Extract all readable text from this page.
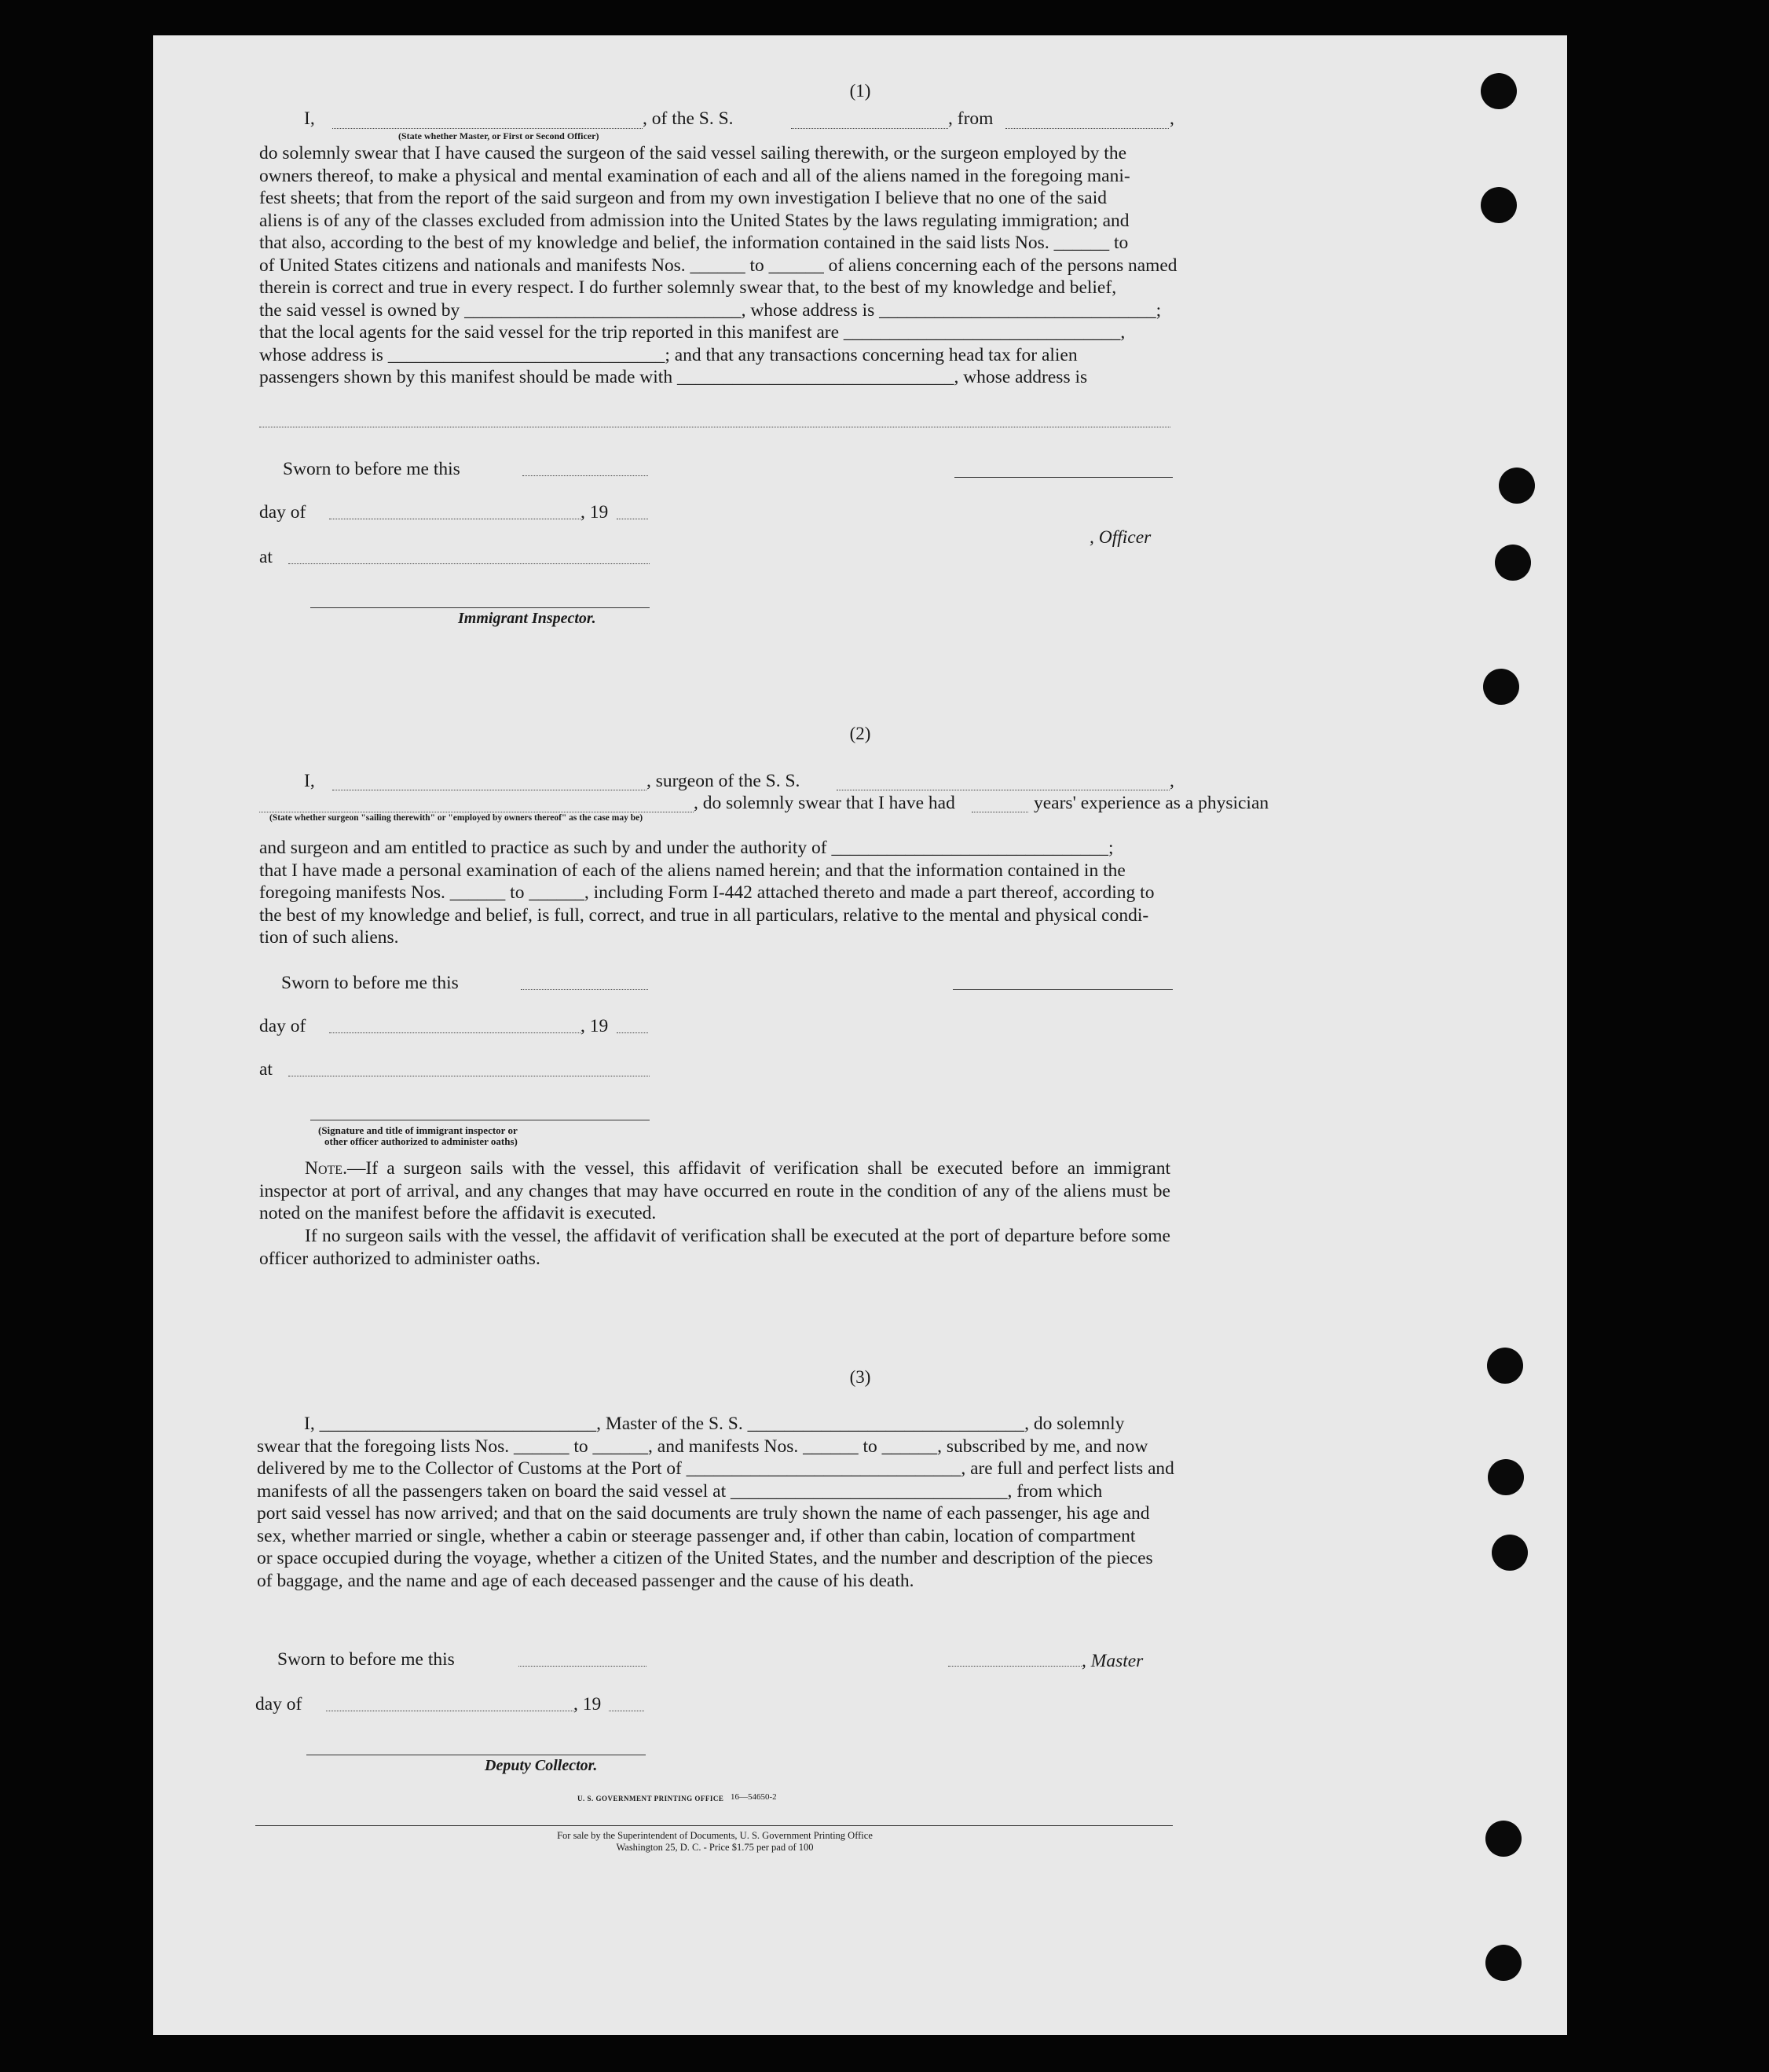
(1)
I,	, of the S. S.	, from	,
(State whether Master, or First or Second Officer)
do solemnly swear that I have caused the surgeon of the said vessel sailing therewith, or the surgeon employed by the
owners thereof, to make a physical and mental examination of each and all of the aliens named in the foregoing mani-
fest sheets; that from the report of the said surgeon and from my own investigation I believe that no one of the said
aliens is of any of the classes excluded from admission into the United States by the laws regulating immigration; and
that also, according to the best of my knowledge and belief, the information contained in the said lists Nos. ______ to
of United States citizens and nationals and manifests Nos. ______ to ______ of aliens concerning each of the persons named
therein is correct and true in every respect. I do further solemnly swear that, to the best of my knowledge and belief,
the said vessel is owned by ______________________________, whose address is ______________________________;
that the local agents for the said vessel for the trip reported in this manifest are ______________________________,
whose address is ______________________________; and that any transactions concerning head tax for alien
passengers shown by this manifest should be made with ______________________________, whose address is
Sworn to before me this
day of	, 19
, Officer
at
Immigrant Inspector.
(2)
I,	, surgeon of the S. S.	,
, do solemnly swear that I have had	years' experience as a physician
(State whether surgeon "sailing therewith" or "employed by owners thereof" as the case may be)
and surgeon and am entitled to practice as such by and under the authority of ______________________________;
that I have made a personal examination of each of the aliens named herein; and that the information contained in the
foregoing manifests Nos. ______ to ______, including Form I-442 attached thereto and made a part thereof, according to
the best of my knowledge and belief, is full, correct, and true in all particulars, relative to the mental and physical condi-
tion of such aliens.
Sworn to before me this
day of	, 19
at
(Signature and title of immigrant inspector or
other officer authorized to administer oaths)
Note.—If a surgeon sails with the vessel, this affidavit of verification shall be executed before an immigrant inspector at port of arrival, and any changes that may have occurred en route in the condition of any of the aliens must be noted on the manifest before the affidavit is executed.
If no surgeon sails with the vessel, the affidavit of verification shall be executed at the port of departure before some officer authorized to administer oaths.
(3)
I, ______________________________, Master of the S. S. ______________________________, do solemnly
swear that the foregoing lists Nos. ______ to ______, and manifests Nos. ______ to ______, subscribed by me, and now
delivered by me to the Collector of Customs at the Port of ______________________________, are full and perfect lists and
manifests of all the passengers taken on board the said vessel at ______________________________, from which
port said vessel has now arrived; and that on the said documents are truly shown the name of each passenger, his age and
sex, whether married or single, whether a cabin or steerage passenger and, if other than cabin, location of compartment
or space occupied during the voyage, whether a citizen of the United States, and the number and description of the pieces
of baggage, and the name and age of each deceased passenger and the cause of his death.
Sworn to before me this	, Master
day of	, 19
Deputy Collector.
U. S. GOVERNMENT PRINTING OFFICE 16—54650-2
For sale by the Superintendent of Documents, U. S. Government Printing Office
Washington 25, D. C. - Price $1.75 per pad of 100
